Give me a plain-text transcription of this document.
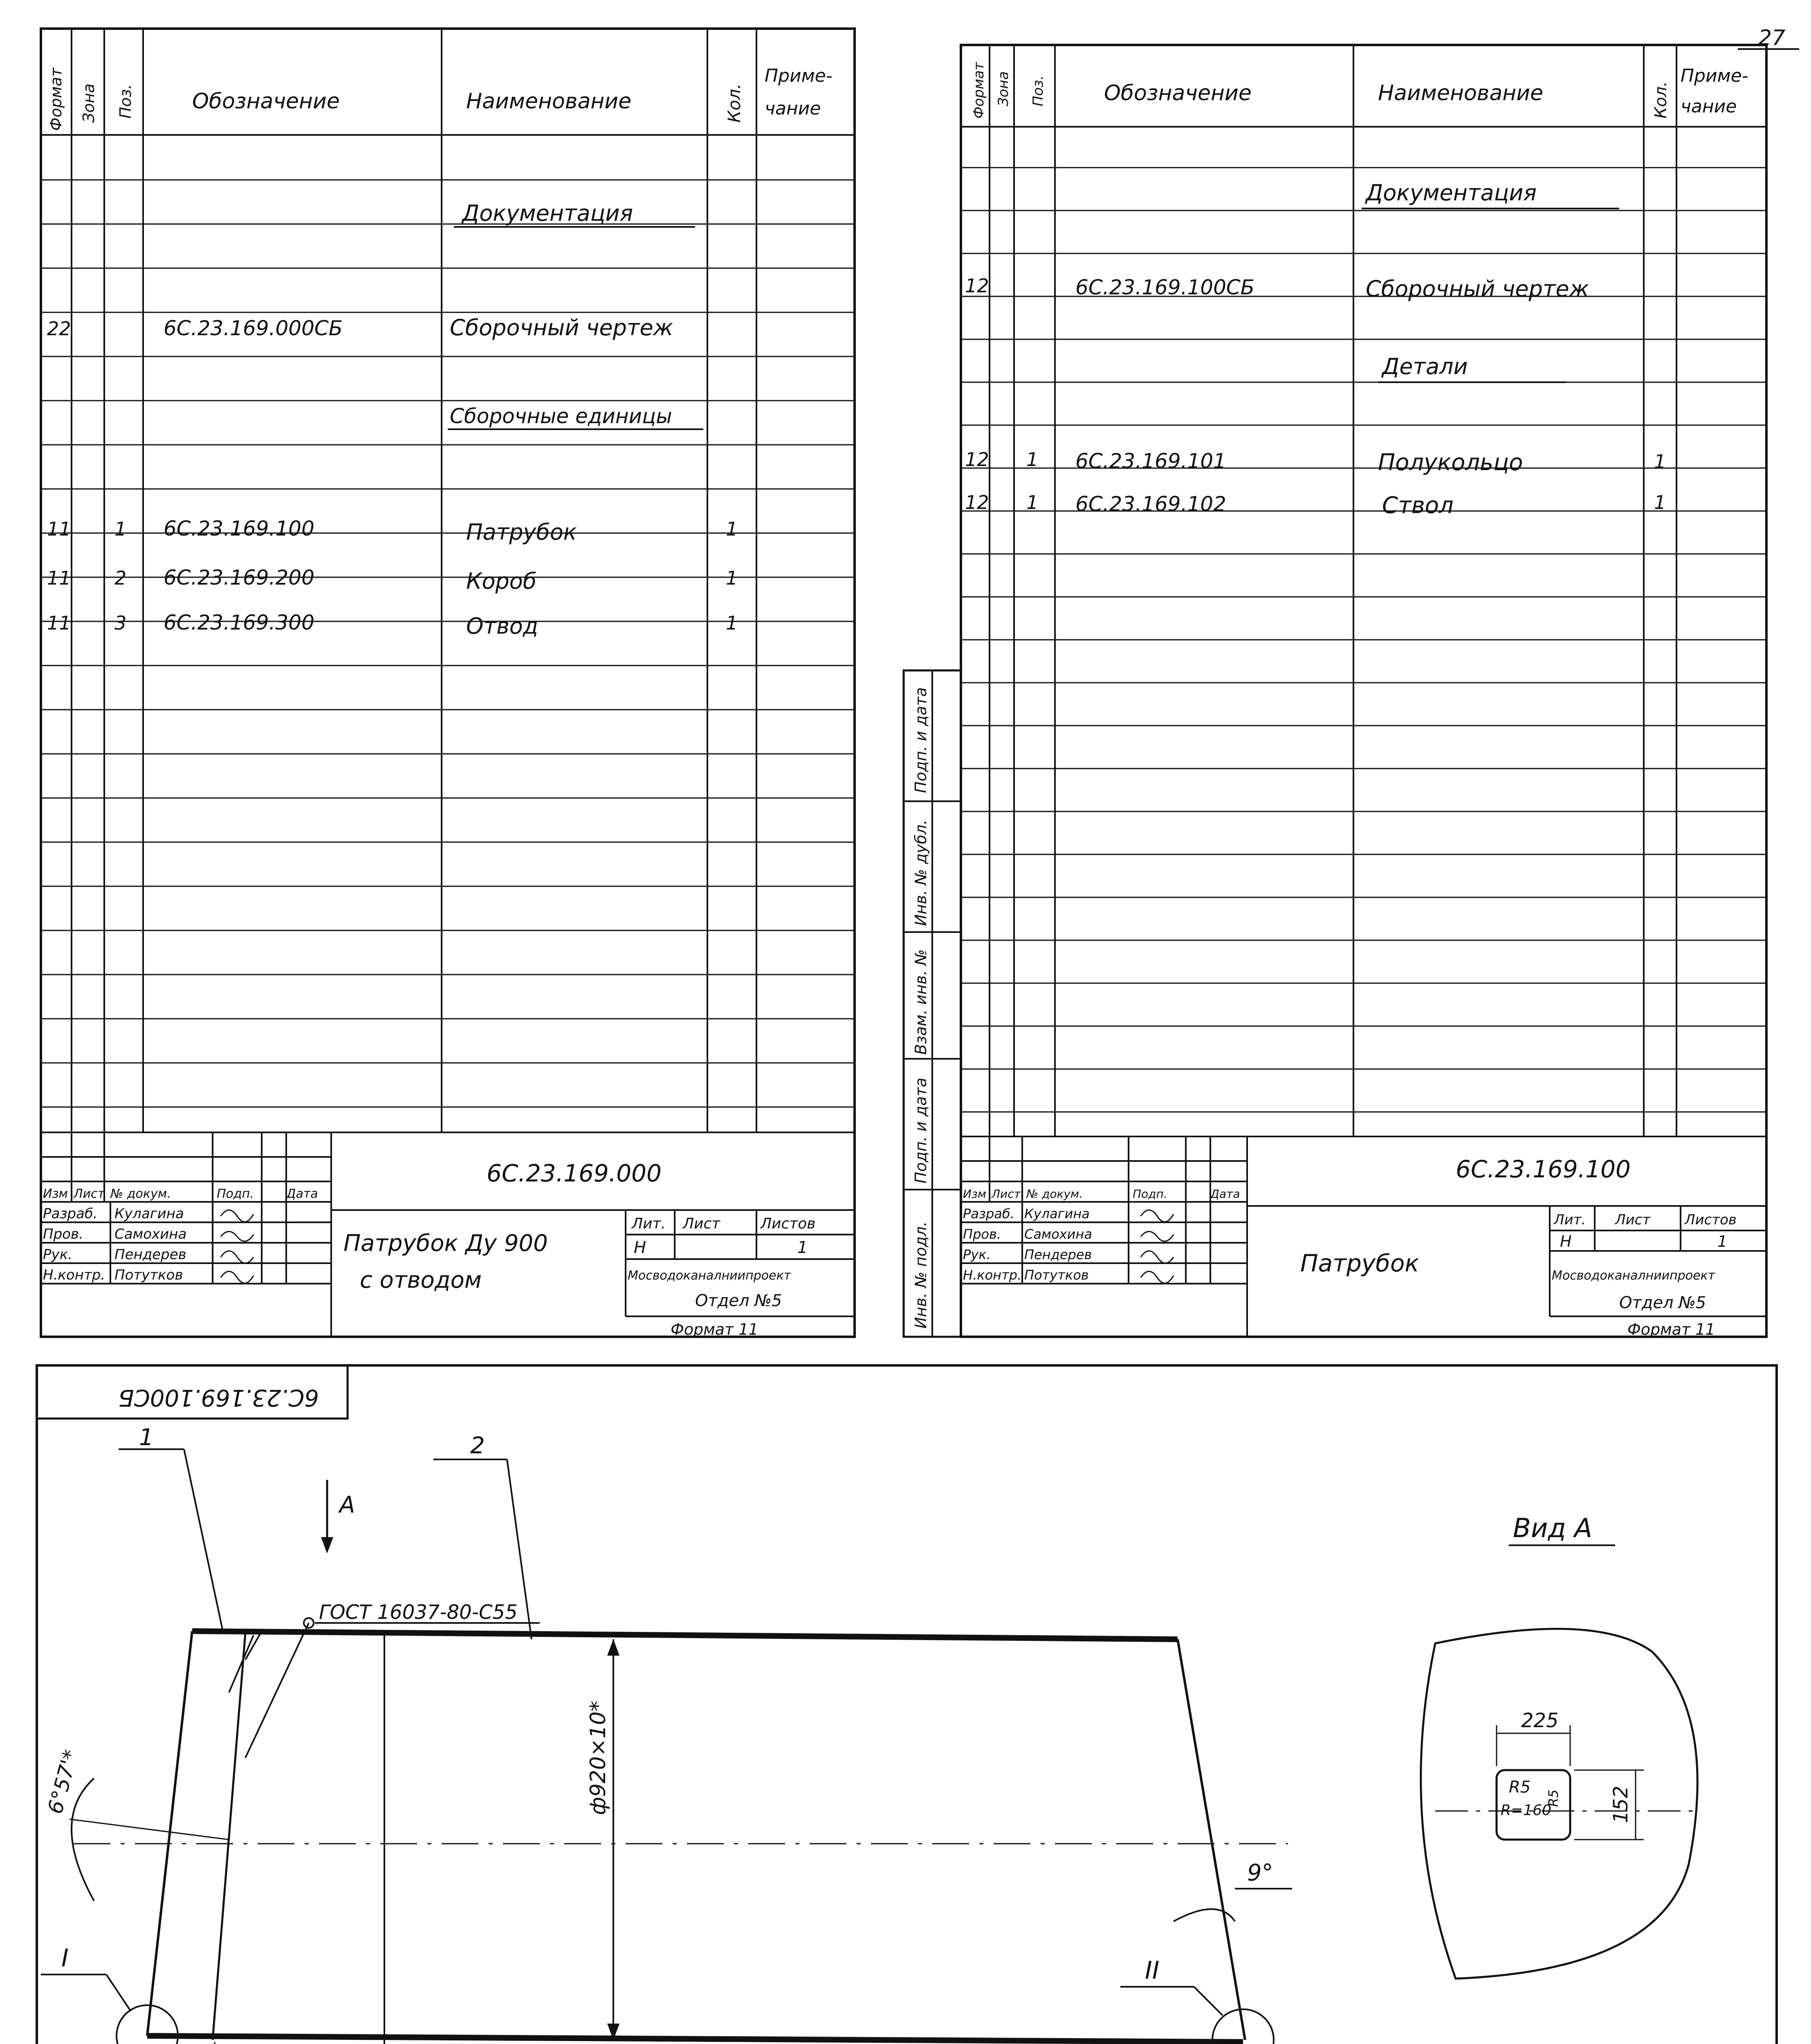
27
Формат Зона Поз.	Обозначение	Наименование	Кол.
Приме-
чание
Документация
22	6С.23.169.000СБ	Сборочный чертеж
Сборочные единицы
11 1 6С.23.169.100	Патрубок	1
11 2 6С.23.169.200	Короб	1
11 3 6С.23.169.300	Отвод	1
Изм Лист № докум.	Подп.	Дата
Разраб. Кулагина
Пров. Самохина
Рук.	Пендерев
Н.контр. Потутков
6С.23.169.000
Патрубок Ду 900
с отводом
Лит. Лист	Листов
Н	1
Мосводоканалниипроект
Отдел №5
Формат 11
Подп. и дата
Инв. № дубл.
Взам. инв. №
Подп. и дата
Инв. № подл.
Формат Зона Поз.	Обозначение	Наименование	Кол.
Приме-
чание
Документация
12	6С.23.169.100СБ	Сборочный чертеж
Детали
12 1 6С.23.169.101	Полукольцо	1
12 1 6С.23.169.102	Ствол	1
Изм Лист № докум.	Подп.	Дата
Разраб. Кулагина
Пров. Самохина
Рук.	Пендерев
Н.контр. Потутков
6С.23.169.100
Патрубок
Лит. Лист Листов
Н	1
Мосводоканалниипроект
Отдел №5
Формат 11
6С.23.169.100СБ
1	2
А
ГОСТ 16037-80-С55
ф920×10*
6°57'*
9°
I	II
Вид А
225
152
R5
R=160
R5
